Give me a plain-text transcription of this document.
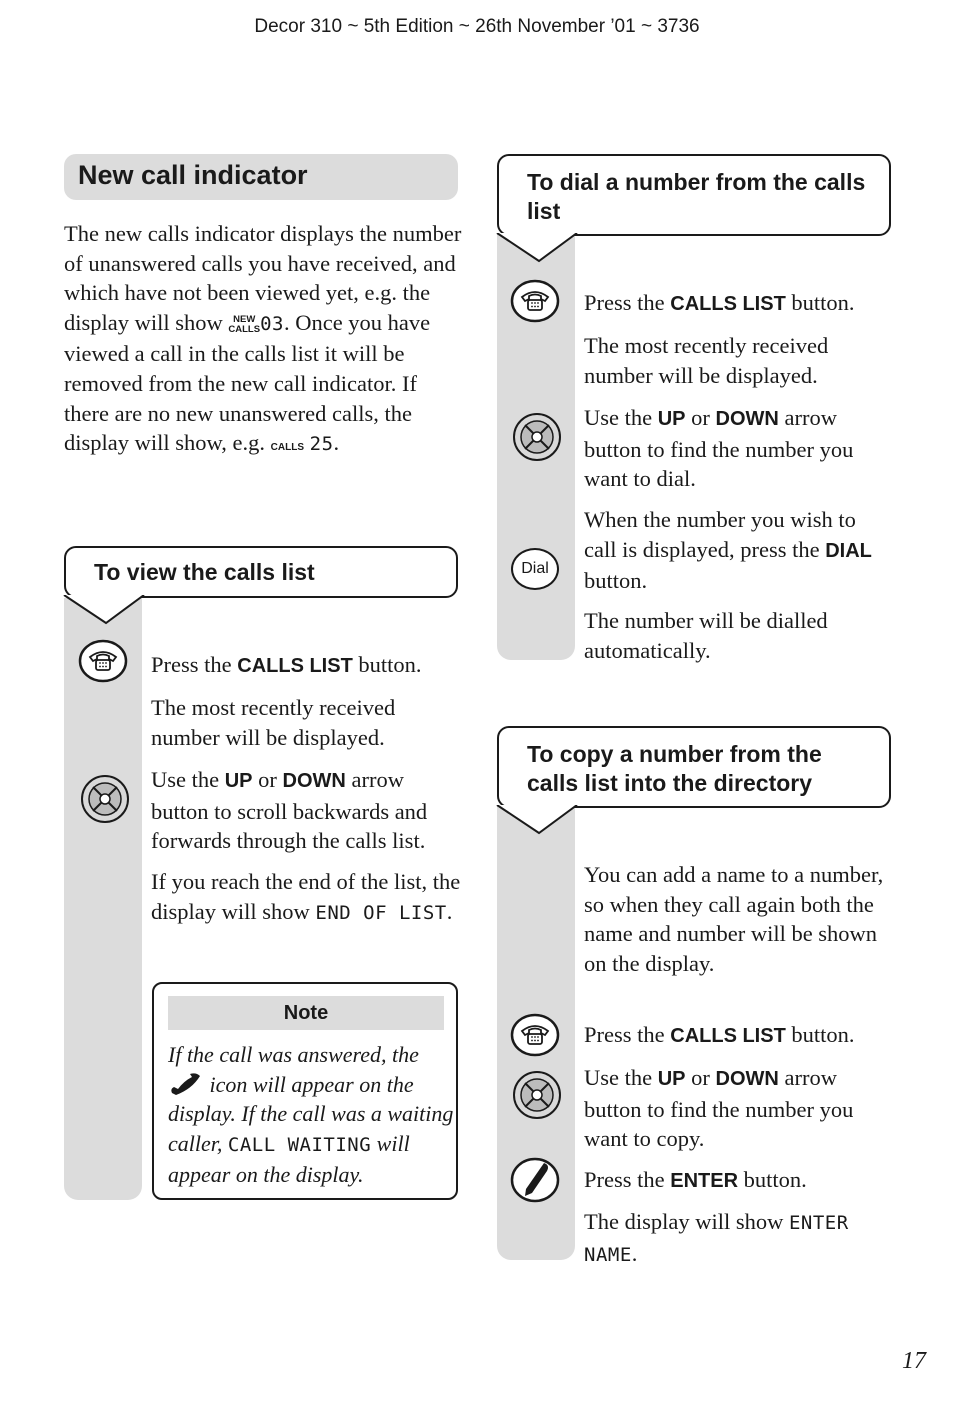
Decor 310 ~ 5th Edition ~ 26th November ’01 ~ 3736
New call indicator

The new calls indicator displays the number of unanswered calls you have received, and which have not been viewed yet, e.g. the display will show NEW
CALLS03. Once you have viewed a call in the calls list it will be removed from the new call indicator. If there are no new unanswered calls, the display will show, e.g. CALLS 25.

To view the calls list
Press the CALLS LIST button.
The most recently received number will be displayed.
Use the UP or DOWN arrow button to scroll backwards and forwards through the calls list.
If you reach the end of the list, the display will show END OF LIST.
Note

If the call was answered, the  icon will appear on the display. If the call was a waiting caller, CALL WAITING will appear on the display.

To dial a number from the calls list
Dial
Press the CALLS LIST button.
The most recently received number will be displayed.
Use the UP or DOWN arrow button to find the number you want to dial.
When the number you wish to call is displayed, press the DIAL button.
The number will be dialled automatically.
To copy a number from the calls list into the directory
You can add a name to a number, so when they call again both the name and number will be shown on the display.
Press the CALLS LIST button.
Use the UP or DOWN arrow button to find the number you want to copy.
Press the ENTER button.
The display will show ENTER NAME.
17
